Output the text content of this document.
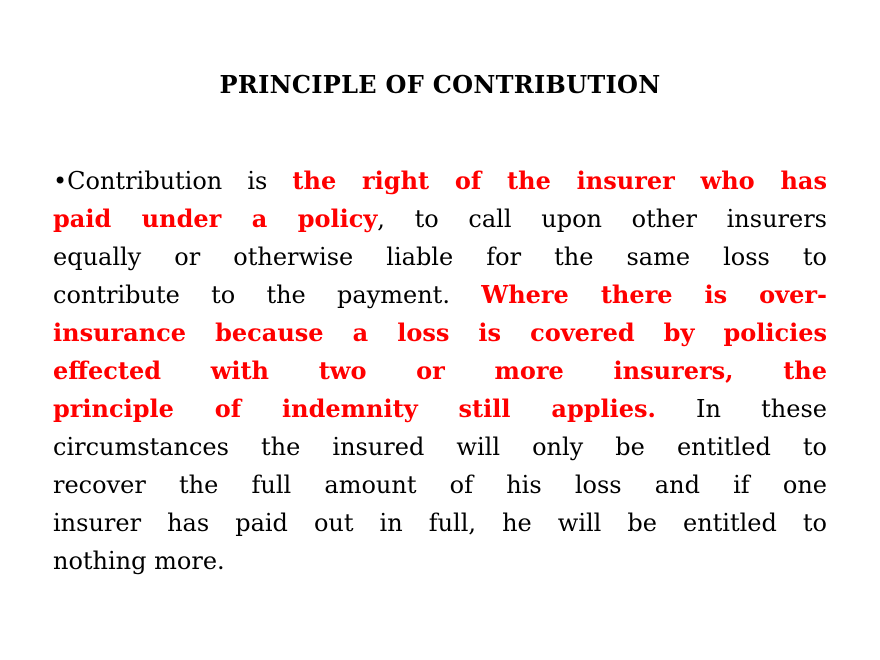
PRINCIPLE OF CONTRIBUTION
•Contribution is the right of the insurer who has
paid under a policy, to call upon other insurers
equally or otherwise liable for the same loss to
contribute to the payment. Where there is over-
insurance because a loss is covered by policies
effected with two or more insurers, the
principle of indemnity still applies. In these
circumstances the insured will only be entitled to
recover the full amount of his loss and if one
insurer has paid out in full, he will be entitled to
nothing more.
